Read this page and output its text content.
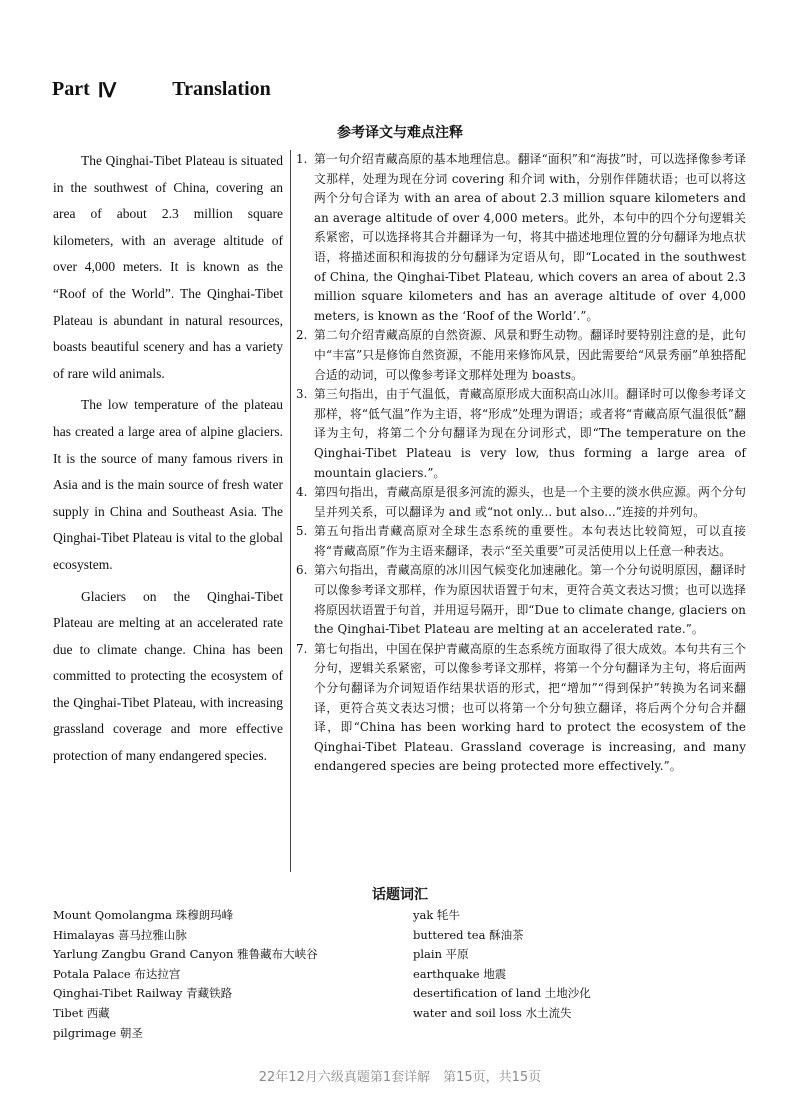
Part Ⅳ	Translation
参考译文与难点注释

The Qinghai-Tibet Plateau is situated in the southwest of China, covering an area of about 2.3 million square kilometers, with an average altitude of over 4,000 meters. It is known as the “Roof of the World”. The Qinghai-Tibet Plateau is abundant in natural resources, boasts beautiful scenery and has a variety of rare wild animals.

The low temperature of the plateau has created a large area of alpine glaciers. It is the source of many famous rivers in Asia and is the main source of fresh water supply in China and Southeast Asia. The Qinghai-Tibet Plateau is vital to the global ecosystem.

Glaciers on the Qinghai-Tibet Plateau are melting at an accelerated rate due to climate change. China has been committed to protecting the ecosystem of the Qinghai-Tibet Plateau, with increasing grassland coverage and more effective protection of many endangered species.

1. 第一句介绍青藏高原的基本地理信息。翻译“面积”和“海拔”时，可以选择像参考译文那样，处理为现在分词 covering 和介词 with，分别作伴随状语；也可以将这两个分句合译为 with an area of about 2.3 million square kilometers and an average altitude of over 4,000 meters。此外，本句中的四个分句逻辑关系紧密，可以选择将其合并翻译为一句，将其中描述地理位置的分句翻译为地点状语，将描述面积和海拔的分句翻译为定语从句，即“Located in the southwest of China, the Qinghai-Tibet Plateau, which covers an area of about 2.3 million square kilometers and has an average altitude of over 4,000 meters, is known as the ‘Roof of the World’.”。
2. 第二句介绍青藏高原的自然资源、风景和野生动物。翻译时要特别注意的是，此句中“丰富”只是修饰自然资源，不能用来修饰风景，因此需要给“风景秀丽”单独搭配合适的动词，可以像参考译文那样处理为 boasts。
3. 第三句指出，由于气温低，青藏高原形成大面积高山冰川。翻译时可以像参考译文那样，将“低气温”作为主语，将“形成”处理为谓语；或者将“青藏高原气温很低”翻译为主句，将第二个分句翻译为现在分词形式，即“The temperature on the Qinghai-Tibet Plateau is very low, thus forming a large area of mountain glaciers.”。
4. 第四句指出，青藏高原是很多河流的源头，也是一个主要的淡水供应源。两个分句呈并列关系，可以翻译为 and 或“not only... but also...”连接的并列句。
5. 第五句指出青藏高原对全球生态系统的重要性。本句表达比较简短，可以直接将“青藏高原”作为主语来翻译，表示“至关重要”可灵活使用以上任意一种表达。
6. 第六句指出，青藏高原的冰川因气候变化加速融化。第一个分句说明原因，翻译时可以像参考译文那样，作为原因状语置于句末，更符合英文表达习惯；也可以选择将原因状语置于句首，并用逗号隔开，即“Due to climate change, glaciers on the Qinghai-Tibet Plateau are melting at an accelerated rate.”。
7. 第七句指出，中国在保护青藏高原的生态系统方面取得了很大成效。本句共有三个分句，逻辑关系紧密，可以像参考译文那样，将第一个分句翻译为主句，将后面两个分句翻译为介词短语作结果状语的形式，把“增加”“得到保护”转换为名词来翻译，更符合英文表达习惯；也可以将第一个分句独立翻译，将后两个分句合并翻译，即“China has been working hard to protect the ecosystem of the Qinghai-Tibet Plateau. Grassland coverage is increasing, and many endangered species are being protected more effectively.”。
话题词汇
Mount Qomolangma 珠穆朗玛峰
Himalayas 喜马拉雅山脉
Yarlung Zangbu Grand Canyon 雅鲁藏布大峡谷
Potala Palace 布达拉宫
Qinghai-Tibet Railway 青藏铁路
Tibet 西藏
pilgrimage 朝圣
yak 牦牛
buttered tea 酥油茶
plain 平原
earthquake 地震
desertification of land 土地沙化
water and soil loss 水土流失
22年12月六级真题第1套详解　第15页，共15页
